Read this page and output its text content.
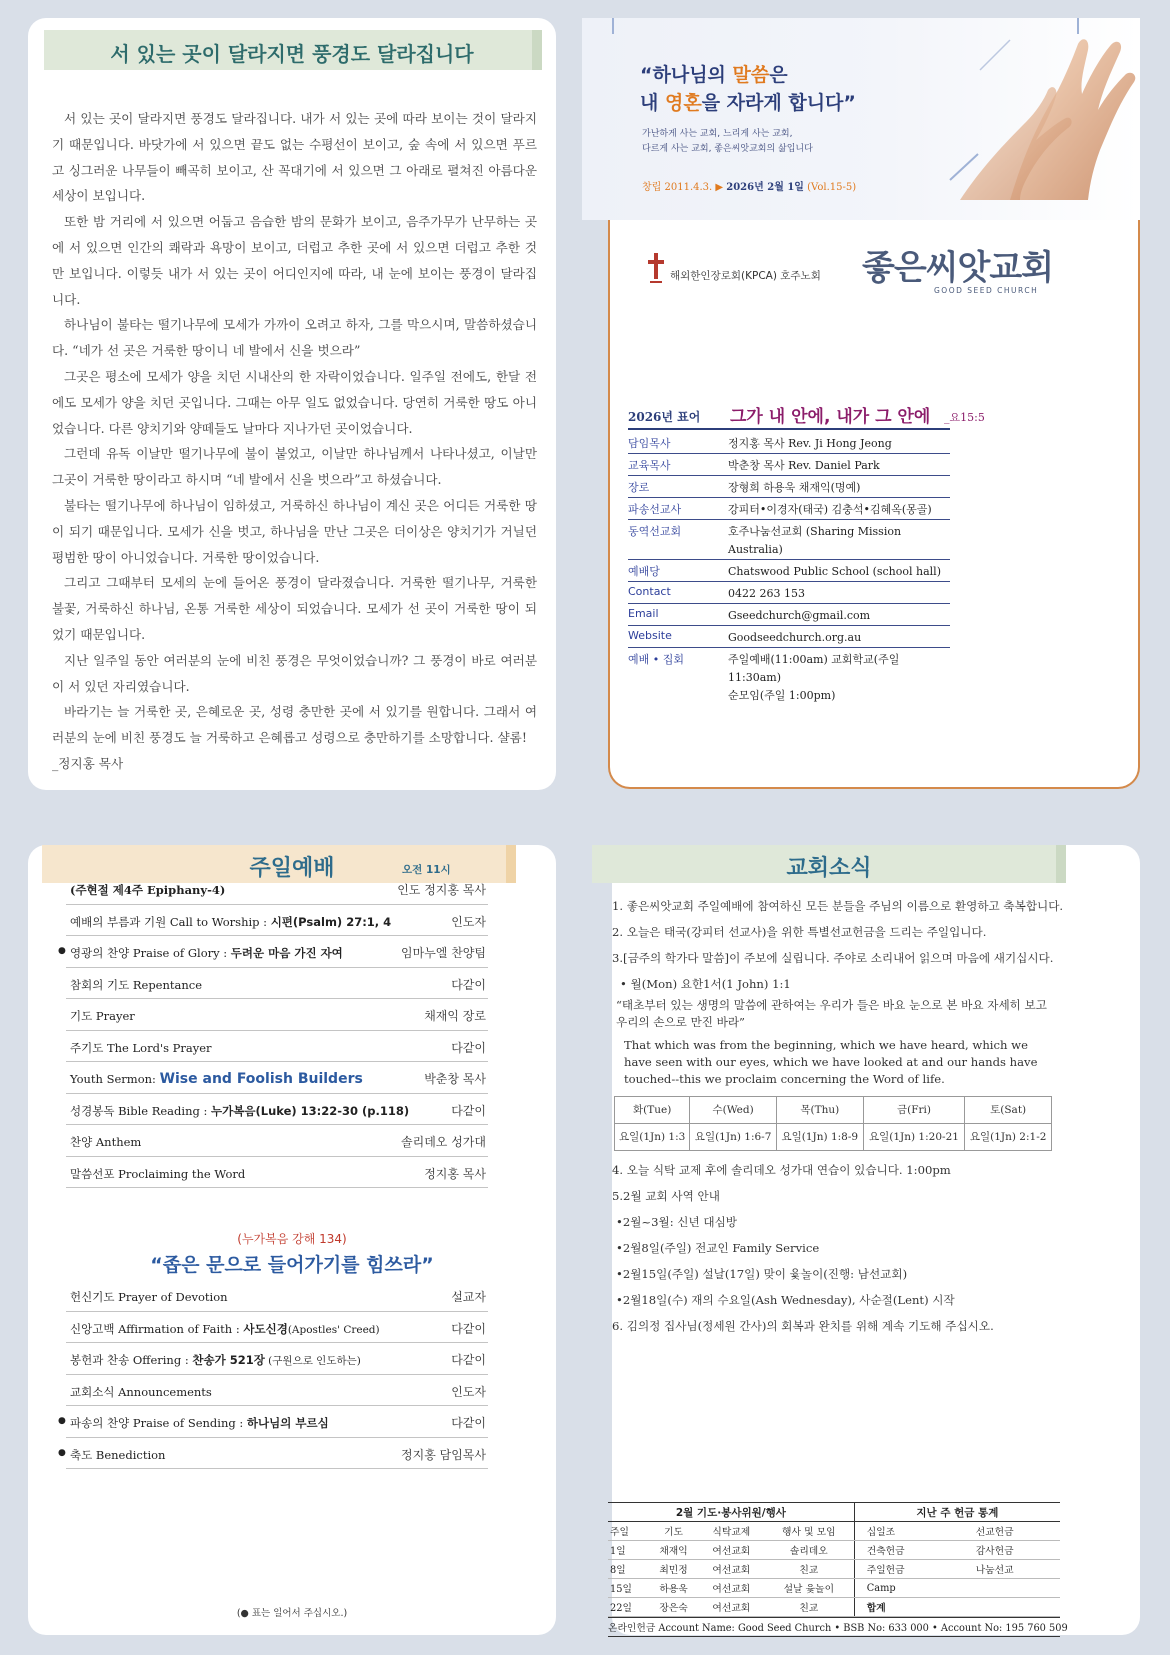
서 있는 곳이 달라지면 풍경도 달라집니다

서 있는 곳이 달라지면 풍경도 달라집니다. 내가 서 있는 곳에 따라 보이는 것이 달라지기 때문입니다. 바닷가에 서 있으면 끝도 없는 수평선이 보이고, 숲 속에 서 있으면 푸르고 싱그러운 나무들이 빼곡히 보이고, 산 꼭대기에 서 있으면 그 아래로 펼쳐진 아름다운 세상이 보입니다.

또한 밤 거리에 서 있으면 어둡고 음습한 밤의 문화가 보이고, 음주가무가 난무하는 곳에 서 있으면 인간의 쾌락과 욕망이 보이고, 더럽고 추한 곳에 서 있으면 더럽고 추한 것만 보입니다. 이렇듯 내가 서 있는 곳이 어디인지에 따라, 내 눈에 보이는 풍경이 달라집니다.

하나님이 불타는 떨기나무에 모세가 가까이 오려고 하자, 그를 막으시며, 말씀하셨습니다. “네가 선 곳은 거룩한 땅이니 네 발에서 신을 벗으라”

그곳은 평소에 모세가 양을 치던 시내산의 한 자락이었습니다. 일주일 전에도, 한달 전에도 모세가 양을 치던 곳입니다. 그때는 아무 일도 없었습니다. 당연히 거룩한 땅도 아니었습니다. 다른 양치기와 양떼들도 날마다 지나가던 곳이었습니다.

그런데 유독 이날만 떨기나무에 불이 붙었고, 이날만 하나님께서 나타나셨고, 이날만 그곳이 거룩한 땅이라고 하시며 “네 발에서 신을 벗으라”고 하셨습니다.

불타는 떨기나무에 하나님이 임하셨고, 거룩하신 하나님이 계신 곳은 어디든 거룩한 땅이 되기 때문입니다. 모세가 신을 벗고, 하나님을 만난 그곳은 더이상은 양치기가 거닐던 평범한 땅이 아니었습니다. 거룩한 땅이었습니다.

그리고 그때부터 모세의 눈에 들어온 풍경이 달라졌습니다. 거룩한 떨기나무, 거룩한 불꽃, 거룩하신 하나님, 온통 거룩한 세상이 되었습니다. 모세가 선 곳이 거룩한 땅이 되었기 때문입니다.

지난 일주일 동안 여러분의 눈에 비친 풍경은 무엇이었습니까? 그 풍경이 바로 여러분이 서 있던 자리였습니다.

바라기는 늘 거룩한 곳, 은혜로운 곳, 성령 충만한 곳에 서 있기를 원합니다. 그래서 여러분의 눈에 비친 풍경도 늘 거룩하고 은혜롭고 성령으로 충만하기를 소망합니다. 샬롬!

_정지홍 목사

“하나님의 말씀은
내 영혼을 자라게 합니다”
가난하게 사는 교회, 느리게 사는 교회,
다르게 사는 교회, 좋은씨앗교회의 삶입니다
창립 2011.4.3. ▶ 2026년 2월 1일 (Vol.15-5)
해외한인장로회(KPCA) 호주노회 좋은씨앗교회
GOOD SEED CHURCH
2026년 표어 그가 내 안에, 내가 그 안에 _요15:5
담임목사	정지홍 목사 Rev. Ji Hong Jeong
교육목사	박춘창 목사 Rev. Daniel Park
장로	장형희 하용욱 채재익(명예)
파송선교사	강피터•이경자(태국) 김충석•김혜옥(몽골)
동역선교회	호주나눔선교회 (Sharing Mission Australia)
예배당	Chatswood Public School (school hall)
Contact	0422 263 153
Email	Gseedchurch@gmail.com
Website	Goodseedchurch.org.au
예배 • 집회	주일예배(11:00am) 교회학교(주일 11:30am)
순모임(주일 1:00pm)
주일예배	오전 11시
(주현절 제4주 Epiphany-4)	인도 정지홍 목사
예배의 부름과 기원 Call to Worship : 시편(Psalm) 27:1, 4	인도자
● 영광의 찬양 Praise of Glory : 두려운 마음 가진 자여	임마누엘 찬양팀
참회의 기도 Repentance	다같이
기도 Prayer	채재익 장로
주기도 The Lord's Prayer	다같이
Youth Sermon: Wise and Foolish Builders	박춘창 목사
성경봉독 Bible Reading : 누가복음(Luke) 13:22-30 (p.118)	다같이
찬양 Anthem	솔리데오 성가대
말씀선포 Proclaiming the Word	정지홍 목사
(누가복음 강해 134)
“좁은 문으로 들어가기를 힘쓰라”
헌신기도 Prayer of Devotion	설교자
신앙고백 Affirmation of Faith : 사도신경(Apostles' Creed)	다같이
봉헌과 찬송 Offering : 찬송가 521장 (구원으로 인도하는)	다같이
교회소식 Announcements	인도자
● 파송의 찬양 Praise of Sending : 하나님의 부르심	다같이
● 축도 Benediction	정지홍 담임목사
(● 표는 일어서 주십시오.)
교회소식
1. 좋은씨앗교회 주일예배에 참여하신 모든 분들을 주님의 이름으로 환영하고 축복합니다.
2. 오늘은 태국(강피터 선교사)을 위한 특별선교헌금을 드리는 주일입니다.
3.[금주의 학가다 말씀]이 주보에 실립니다. 주야로 소리내어 읽으며 마음에 새기십시다.
• 월(Mon) 요한1서(1 John) 1:1
“태초부터 있는 생명의 말씀에 관하여는 우리가 들은 바요 눈으로 본 바요 자세히 보고 우리의 손으로 만진 바라”
That which was from the beginning, which we have heard, which we have seen with our eyes, which we have looked at and our hands have touched--this we proclaim concerning the Word of life.
화(Tue)	수(Wed)	목(Thu)	금(Fri)	토(Sat)
요일(1Jn) 1:3	요일(1Jn) 1:6-7	요일(1Jn) 1:8-9	요일(1Jn) 1:20-21	요일(1Jn) 2:1-2
4. 오늘 식탁 교제 후에 솔리데오 성가대 연습이 있습니다. 1:00pm
5.2월 교회 사역 안내
•2월~3월: 신년 대심방
•2월8일(주일) 전교인 Family Service
•2월15일(주일) 설날(17일) 맞이 윷놀이(진행: 남선교회)
•2월18일(수) 재의 수요일(Ash Wednesday), 사순절(Lent) 시작
6. 김의정 집사님(정세원 간사)의 회복과 완치를 위해 계속 기도해 주십시오.
2월 기도·봉사위원/행사				지난 주 헌금 통계	
주일	기도	식탁교제	행사 및 모임	십일조	선교헌금
1일	채재익	여선교회	솔리데오	건축헌금	감사헌금
8일	최민정	여선교회	친교	주일헌금	나눔선교
15일	하용욱	여선교회	설날 윷놀이	Camp	
22일	장은숙	여선교회	친교	합계	
온라인헌금 Account Name: Good Seed Church • BSB No: 633 000 • Account No: 195 760 509
